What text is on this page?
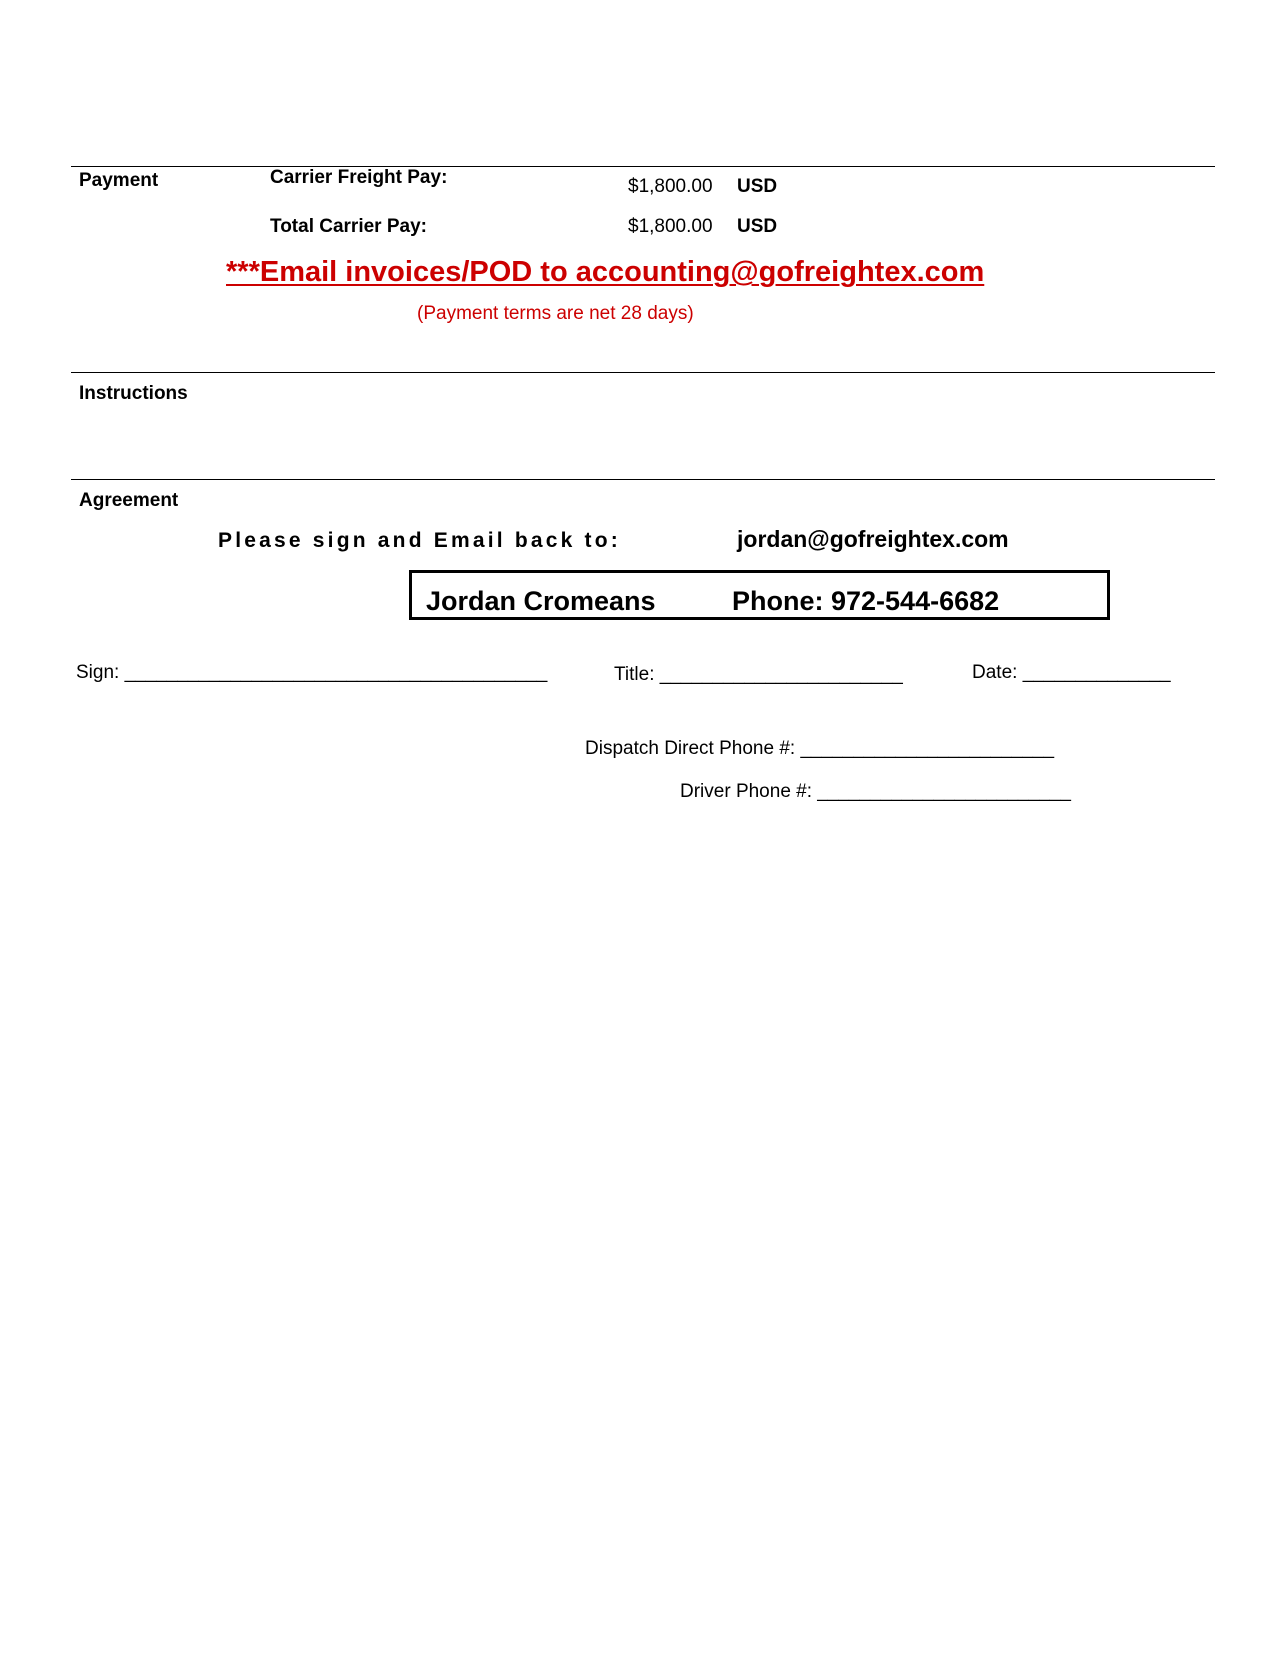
Payment	Carrier Freight Pay:	$1,800.00 USD
Total Carrier Pay:	$1,800.00 USD
***Email invoices/POD to accounting@gofreightex.com
(Payment terms are net 28 days)
Instructions
Agreement
Please sign and Email back to:	jordan@gofreightex.com
Jordan Cromeans	Phone: 972-544-6682
Sign: ________________________________________	Title: _______________________	Date: ______________
Dispatch Direct Phone #: ________________________
Driver Phone #: ________________________
